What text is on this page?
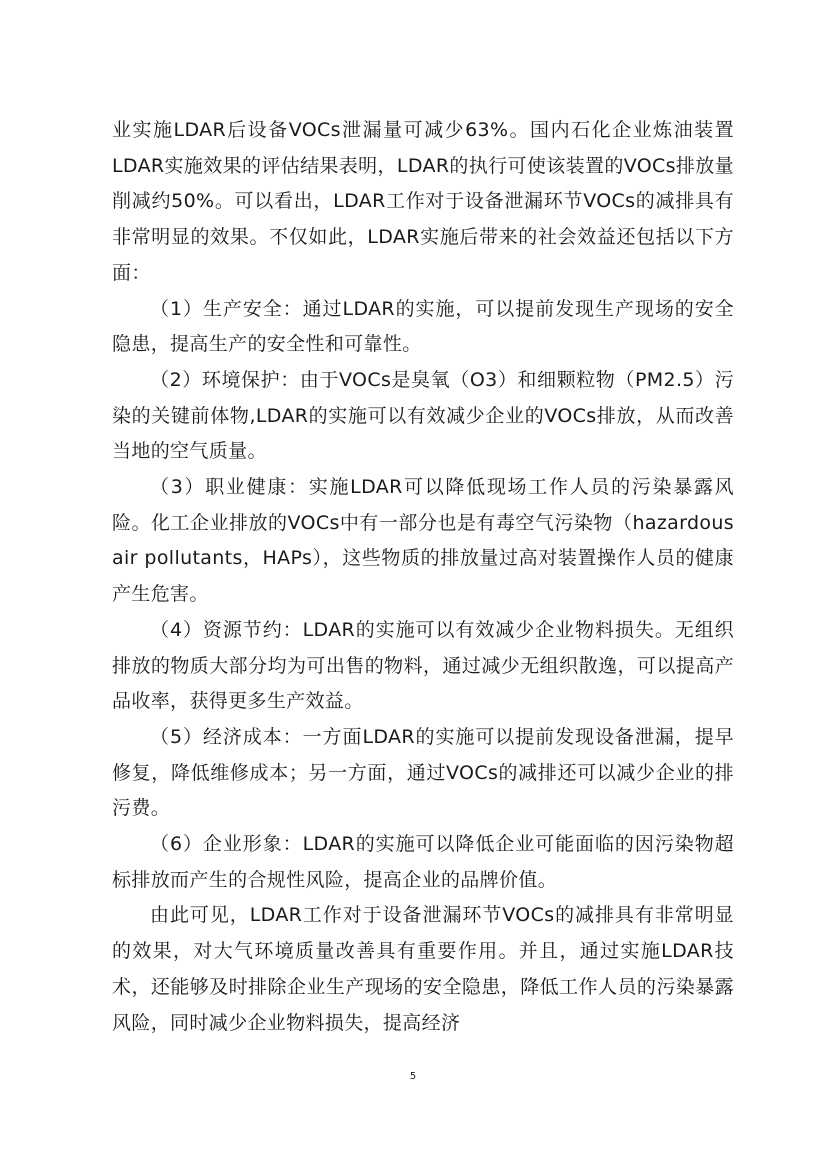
业实施LDAR后设备VOCs泄漏量可减少63%。国内石化企业炼油装置LDAR实施效果的评估结果表明，LDAR的执行可使该装置的VOCs排放量削减约50%。可以看出，LDAR工作对于设备泄漏环节VOCs的减排具有非常明显的效果。不仅如此，LDAR实施后带来的社会效益还包括以下方面：

（1）生产安全：通过LDAR的实施，可以提前发现生产现场的安全隐患，提高生产的安全性和可靠性。

（2）环境保护：由于VOCs是臭氧（O3）和细颗粒物（PM2.5）污染的关键前体物,LDAR的实施可以有效减少企业的VOCs排放，从而改善当地的空气质量。

（3）职业健康：实施LDAR可以降低现场工作人员的污染暴露风险。化工企业排放的VOCs中有一部分也是有毒空气污染物（hazardous air pollutants，HAPs），这些物质的排放量过高对装置操作人员的健康产生危害。

（4）资源节约：LDAR的实施可以有效减少企业物料损失。无组织排放的物质大部分均为可出售的物料，通过减少无组织散逸，可以提高产品收率，获得更多生产效益。

（5）经济成本：一方面LDAR的实施可以提前发现设备泄漏，提早修复，降低维修成本；另一方面，通过VOCs的减排还可以减少企业的排污费。

（6）企业形象：LDAR的实施可以降低企业可能面临的因污染物超标排放而产生的合规性风险，提高企业的品牌价值。

由此可见，LDAR工作对于设备泄漏环节VOCs的减排具有非常明显的效果，对大气环境质量改善具有重要作用。并且，通过实施LDAR技术，还能够及时排除企业生产现场的安全隐患，降低工作人员的污染暴露风险，同时减少企业物料损失，提高经济

5
